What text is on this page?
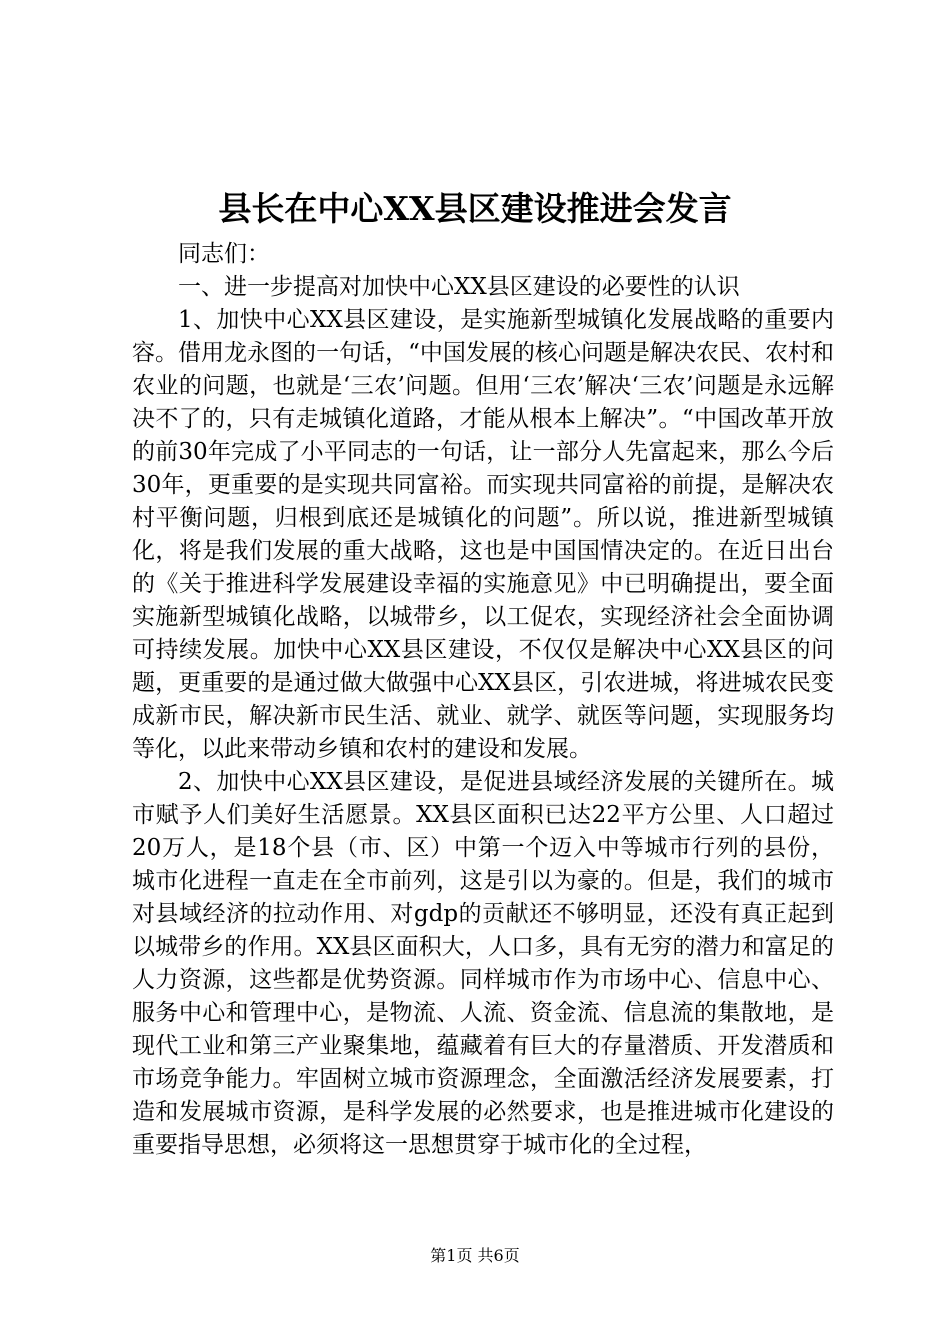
县长在中心XX县区建设推进会发言

同志们：

一、进一步提高对加快中心XX县区建设的必要性的认识

1、加快中心XX县区建设，是实施新型城镇化发展战略的重要内容。借用龙永图的一句话，“中国发展的核心问题是解决农民、农村和农业的问题，也就是‘三农’问题。但用‘三农’解决‘三农’问题是永远解决不了的，只有走城镇化道路，才能从根本上解决”。“中国改革开放的前30年完成了小平同志的一句话，让一部分人先富起来，那么今后30年，更重要的是实现共同富裕。而实现共同富裕的前提，是解决农村平衡问题，归根到底还是城镇化的问题”。所以说，推进新型城镇化，将是我们发展的重大战略，这也是中国国情决定的。在近日出台的《关于推进科学发展建设幸福的实施意见》中已明确提出，要全面实施新型城镇化战略，以城带乡，以工促农，实现经济社会全面协调可持续发展。加快中心XX县区建设，不仅仅是解决中心XX县区的问题，更重要的是通过做大做强中心XX县区，引农进城，将进城农民变成新市民，解决新市民生活、就业、就学、就医等问题，实现服务均等化，以此来带动乡镇和农村的建设和发展。

2、加快中心XX县区建设，是促进县域经济发展的关键所在。城市赋予人们美好生活愿景。XX县区面积已达22平方公里、人口超过20万人，是18个县（市、区）中第一个迈入中等城市行列的县份，城市化进程一直走在全市前列，这是引以为豪的。但是，我们的城市对县域经济的拉动作用、对gdp的贡献还不够明显，还没有真正起到以城带乡的作用。XX县区面积大，人口多，具有无穷的潜力和富足的人力资源，这些都是优势资源。同样城市作为市场中心、信息中心、服务中心和管理中心，是物流、人流、资金流、信息流的集散地，是现代工业和第三产业聚集地，蕴藏着有巨大的存量潜质、开发潜质和市场竞争能力。牢固树立城市资源理念，全面激活经济发展要素，打造和发展城市资源，是科学发展的必然要求，也是推进城市化建设的重要指导思想，必须将这一思想贯穿于城市化的全过程，

第1页 共6页
